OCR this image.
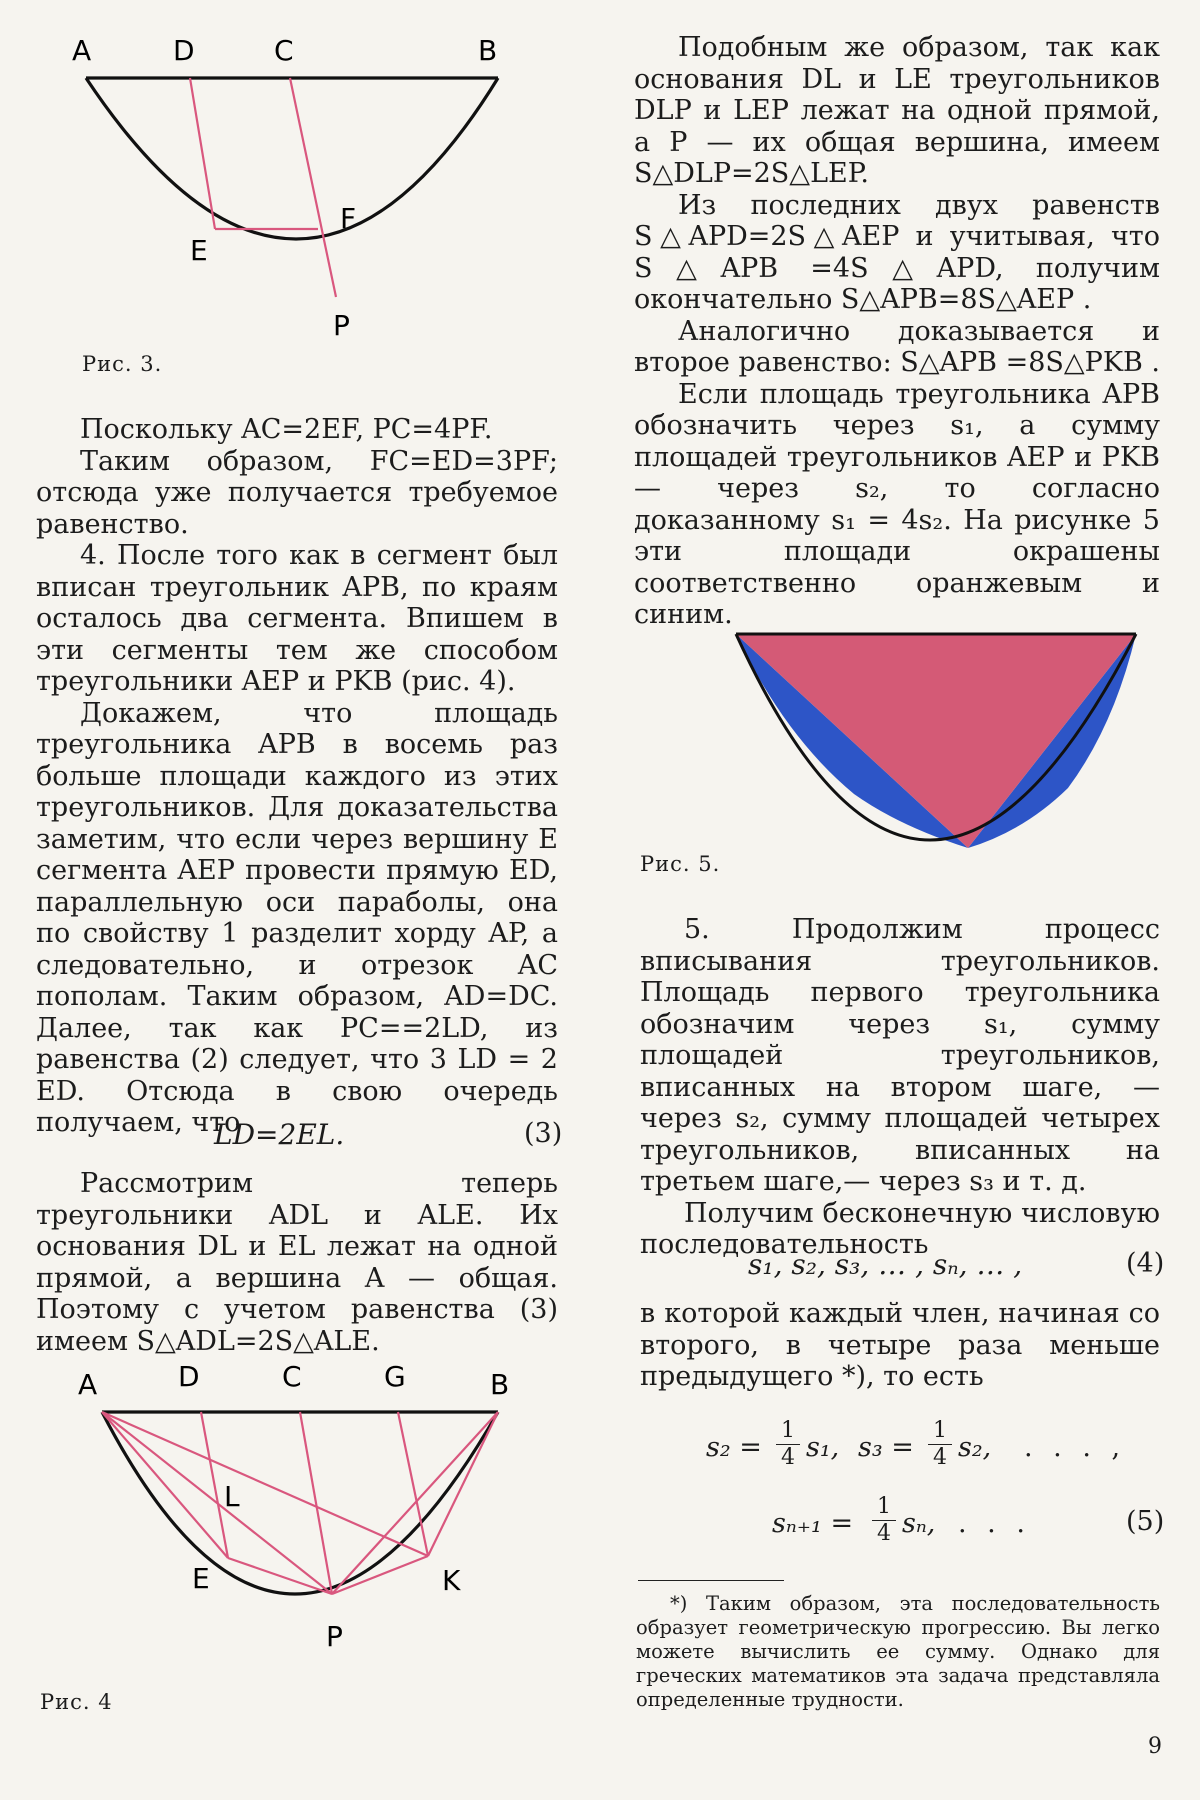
A	D	C	B
E
F
P
Рис. 3.

Поскольку AC=2EF, PC=4PF.

Таким образом, FC=ED=3PF; отсюда уже получается требуемое равенство.

4. После того как в сегмент был вписан треугольник APB, по краям осталось два сегмента. Впишем в эти сегменты тем же способом треугольники AEP и PKB (рис. 4).

Докажем, что площадь треугольника APB в восемь раз больше площади каждого из этих треугольников. Для доказательства заметим, что если через вершину E сегмента AEP провести прямую ED, параллельную оси параболы, она по свойству 1 разделит хорду AP, а следовательно, и отрезок AC пополам. Таким образом, AD=DC. Далее, так как PC==2LD, из равенства (2) следует, что 3 LD = 2 ED. Отсюда в свою очередь получаем, что

LD=2EL.	(3)

Рассмотрим теперь треугольники ADL и ALE. Их основания DL и EL лежат на одной прямой, а вершина A — общая. Поэтому с учетом равенства (3) имеем S△ADL=2S△ALE.

A	D	C	G	B
L
E	K
P
Рис. 4

Подобным же образом, так как основания DL и LE треугольников DLP и LEP лежат на одной прямой, а P — их общая вершина, имеем S△DLP=2S△LEP.

Из последних двух равенств S△APD=2S△AEP и учитывая, что S△APB =4S△APD, получим окончательно S△APB=8S△AEP .

Аналогично доказывается и второе равенство: S△APB =8S△PKB .

Если площадь треугольника APB обозначить через s₁, а сумму площадей треугольников AEP и PKB — через s₂, то согласно доказанному s₁ = 4s₂. На рисунке 5 эти площади окрашены соответственно оранжевым и синим.

Рис. 5.

5. Продолжим процесс вписывания треугольников. Площадь первого треугольника обозначим через s₁, сумму площадей треугольников, вписанных на втором шаге, — через s₂, сумму площадей четырех треугольников, вписанных на третьем шаге,— через s₃ и т. д.

Получим бесконечную числовую последовательность

s₁, s₂, s₃, … , sₙ, … ,	(4)

в которой каждый член, начиная со второго, в четыре раза меньше предыдущего *), то есть

$s_2 = \frac{1}{4} s_1$, $s_3 = \frac{1}{4} s_2$, . . . ,
$s_{n+1} = \frac{1}{4} s_n$, . . .	(5)

*) Таким образом, эта последовательность образует геометрическую прогрессию. Вы легко можете вычислить ее сумму. Однако для греческих математиков эта задача представляла определенные трудности.

9
